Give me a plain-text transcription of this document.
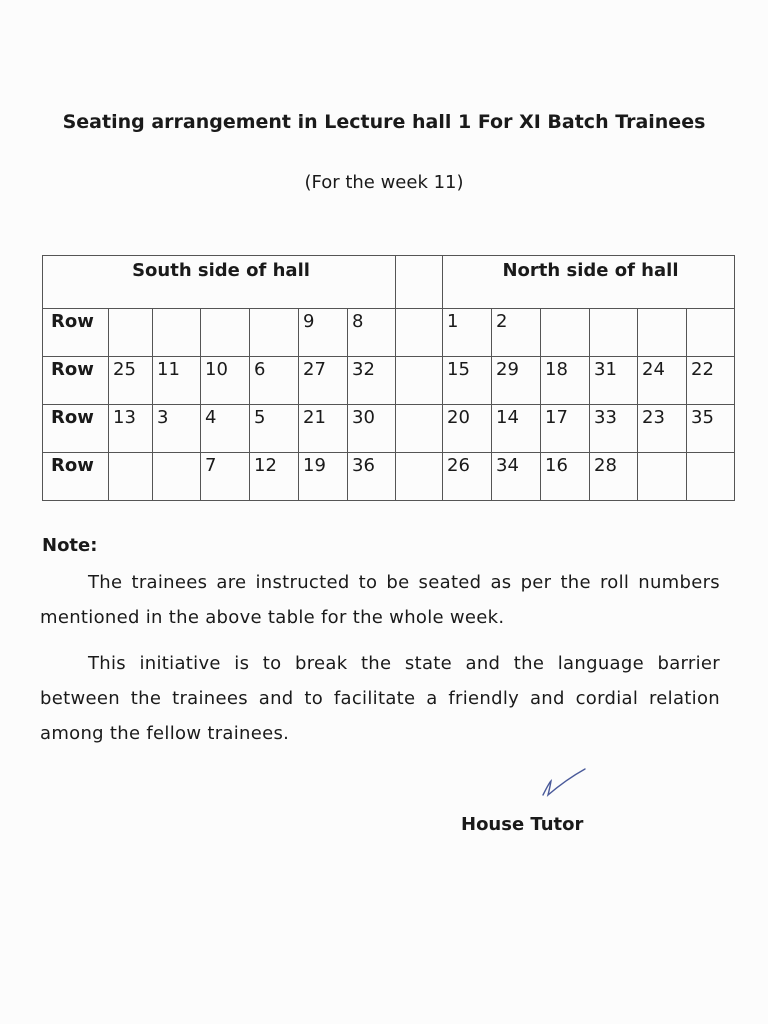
Seating arrangement in Lecture hall 1 For XI Batch Trainees
(For the week 11)
South side of hall								North side of hall					
Row					9	8		1	2				
Row	25	11	10	6	27	32		15	29	18	31	24	22
Row	13	3	4	5	21	30		20	14	17	33	23	35
Row			7	12	19	36		26	34	16	28		
Note:
The trainees are instructed to be seated as per the roll numbers mentioned in the above table for the whole week.
This initiative is to break the state and the language barrier between the trainees and to facilitate a friendly and cordial relation among the fellow trainees.
House Tutor
